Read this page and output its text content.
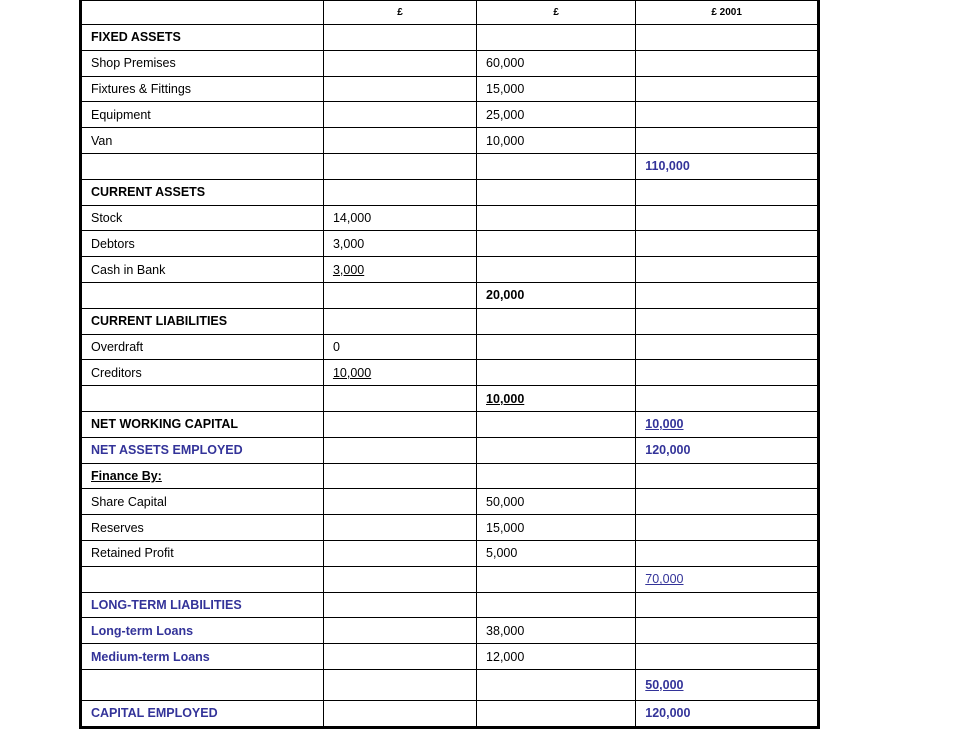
	£	£	£ 2001
FIXED ASSETS			
Shop Premises		60,000	
Fixtures & Fittings		15,000	
Equipment		25,000	
Van		10,000	
			110,000
CURRENT ASSETS			
Stock	14,000		
Debtors	3,000		
Cash in Bank	3,000		
		20,000	
CURRENT LIABILITIES			
Overdraft	0		
Creditors	10,000		
		10,000	
NET WORKING CAPITAL			10,000
NET ASSETS EMPLOYED			120,000
Finance By:			
Share Capital		50,000	
Reserves		15,000	
Retained Profit		5,000	
			70,000
LONG-TERM LIABILITIES			
Long-term Loans		38,000	
Medium-term Loans		12,000	
			50,000
CAPITAL EMPLOYED			120,000
